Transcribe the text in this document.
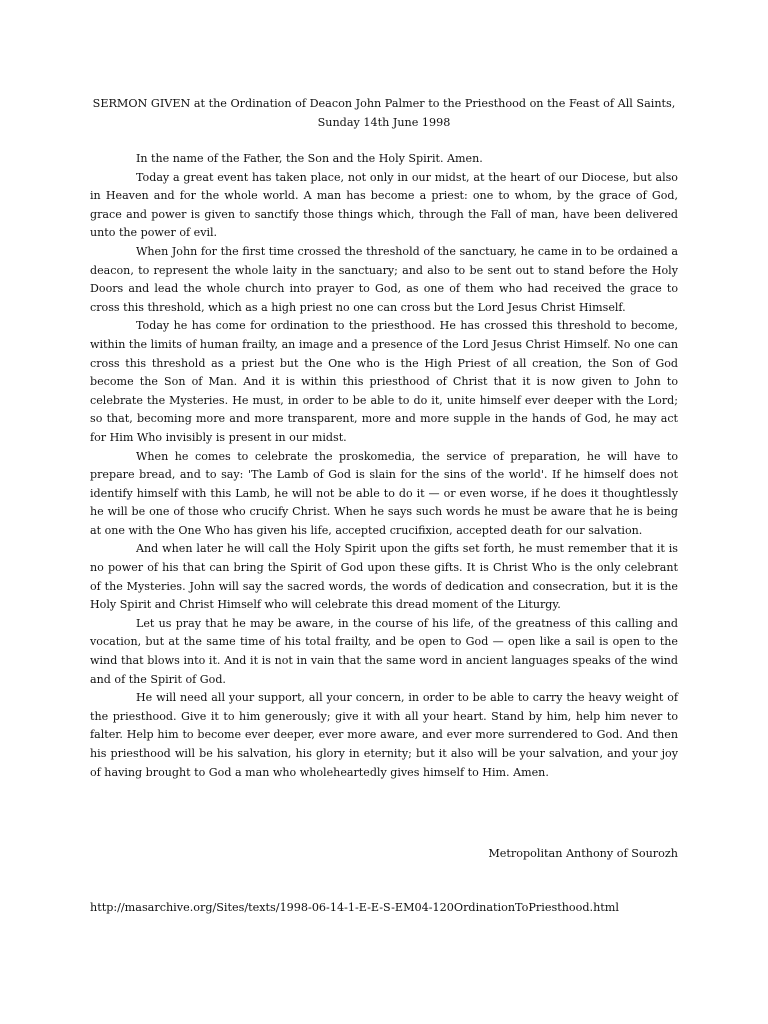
SERMON GIVEN at the Ordination of Deacon John Palmer to the Priesthood on the Feast of All Saints, Sunday 14th June 1998

In the name of the Father, the Son and the Holy Spirit. Amen.

Today a great event has taken place, not only in our midst, at the heart of our Diocese, but also in Heaven and for the whole world. A man has become a priest: one to whom, by the grace of God, grace and power is given to sanctify those things which, through the Fall of man, have been delivered unto the power of evil.

When John for the first time crossed the threshold of the sanctuary, he came in to be ordained a deacon, to represent the whole laity in the sanctuary; and also to be sent out to stand before the Holy Doors and lead the whole church into prayer to God, as one of them who had received the grace to cross this threshold, which as a high priest no one can cross but the Lord Jesus Christ Himself.

Today he has come for ordination to the priesthood. He has crossed this threshold to become, within the limits of human frailty, an image and a presence of the Lord Jesus Christ Himself. No one can cross this threshold as a priest but the One who is the High Priest of all creation, the Son of God become the Son of Man. And it is within this priesthood of Christ that it is now given to John to celebrate the Mysteries. He must, in order to be able to do it, unite himself ever deeper with the Lord; so that, becoming more and more transparent, more and more supple in the hands of God, he may act for Him Who invisibly is present in our midst.

When he comes to celebrate the proskomedia, the service of preparation, he will have to prepare bread, and to say: 'The Lamb of God is slain for the sins of the world'. If he himself does not identify himself with this Lamb, he will not be able to do it — or even worse, if he does it thoughtlessly he will be one of those who crucify Christ. When he says such words he must be aware that he is being at one with the One Who has given his life, accepted crucifixion, accepted death for our salvation.

And when later he will call the Holy Spirit upon the gifts set forth, he must remember that it is no power of his that can bring the Spirit of God upon these gifts. It is Christ Who is the only celebrant of the Mysteries. John will say the sacred words, the words of dedication and consecration, but it is the Holy Spirit and Christ Himself who will celebrate this dread moment of the Liturgy.

Let us pray that he may be aware, in the course of his life, of the greatness of this calling and vocation, but at the same time of his total frailty, and be open to God — open like a sail is open to the wind that blows into it. And it is not in vain that the same word in ancient languages speaks of the wind and of the Spirit of God.

He will need all your support, all your concern, in order to be able to carry the heavy weight of the priesthood. Give it to him generously; give it with all your heart. Stand by him, help him never to falter. Help him to become ever deeper, ever more aware, and ever more surrendered to God. And then his priesthood will be his salvation, his glory in eternity; but it also will be your salvation, and your joy of having brought to God a man who wholeheartedly gives himself to Him. Amen.

Metropolitan Anthony of Sourozh
http://masarchive.org/Sites/texts/1998-06-14-1-E-E-S-EM04-120OrdinationToPriesthood.html
